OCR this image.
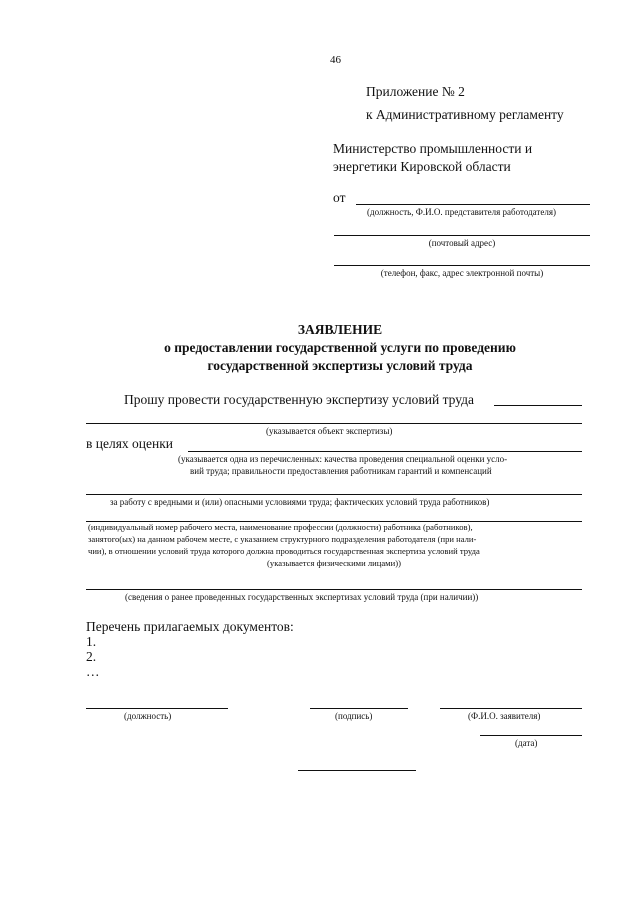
46
Приложение № 2
к Административному регламенту
Министерство промышленности и
энергетики Кировской области
от
(должность, Ф.И.О. представителя работодателя)
(почтовый адрес)
(телефон, факс, адрес электронной почты)
ЗАЯВЛЕНИЕ
о предоставлении государственной услуги по проведению
государственной экспертизы условий труда
Прошу провести государственную экспертизу условий труда
(указывается объект экспертизы)
в целях оценки
(указывается одна из перечисленных: качества проведения специальной оценки усло-
вий труда; правильности предоставления работникам гарантий и компенсаций
за работу с вредными и (или) опасными условиями труда; фактических условий труда работников)
(индивидуальный номер рабочего места, наименование профессии (должности) работника (работников),
занятого(ых) на данном рабочем месте, с указанием структурного подразделения работодателя (при нали-
чии), в отношении условий труда которого должна проводиться государственная экспертиза условий труда
(указывается физическими лицами))
(сведения о ранее проведенных государственных экспертизах условий труда (при наличии))
Перечень прилагаемых документов:
1.
2.
…
(должность)	(подпись)	(Ф.И.О. заявителя)
(дата)
